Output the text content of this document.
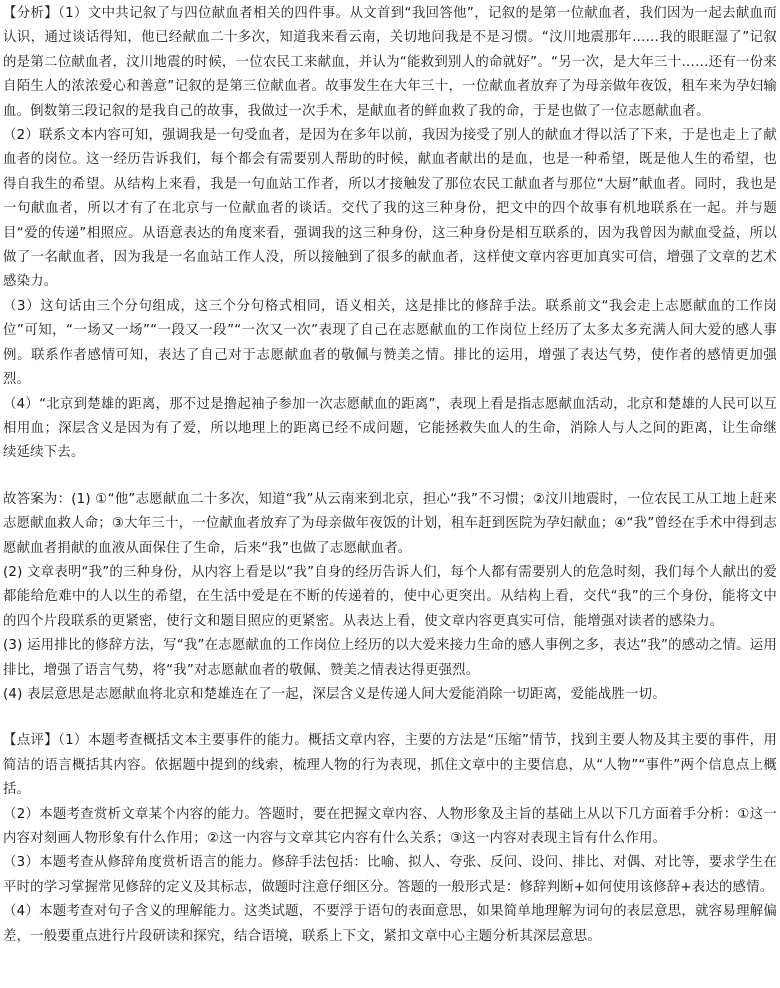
【分析】（1）文中共记叙了与四位献血者相关的四件事。从文首到“我回答他”，记叙的是第一位献血者，我们因为一起去献血而认识，通过谈话得知，他已经献血二十多次，知道我来看云南，关切地问我是不是习惯。“汶川地震那年……我的眼眶湿了”记叙的是第二位献血者，汶川地震的时候，一位农民工来献血，并认为“能救到别人的命就好”。“另一次，是大年三十……还有一份来自陌生人的浓浓爱心和善意”记叙的是第三位献血者。故事发生在大年三十，一位献血者放弃了为母亲做年夜饭，租车来为孕妇输血。倒数第三段记叙的是我自己的故事，我做过一次手术，是献血者的鲜血救了我的命，于是也做了一位志愿献血者。

（2）联系文本内容可知，强调我是一句受血者，是因为在多年以前，我因为接受了别人的献血才得以活了下来，于是也走上了献血者的岗位。这一经历告诉我们，每个都会有需要别人帮助的时候，献血者献出的是血，也是一种希望，既是他人生的希望，也得自我生的希望。从结构上来看，我是一句血站工作者，所以才接触发了那位农民工献血者与那位“大厨”献血者。同时，我也是一句献血者，所以才有了在北京与一位献血者的谈话。交代了我的这三种身份，把文中的四个故事有机地联系在一起。并与题目“爱的传递”相照应。从语意表达的角度来看，强调我的这三种身份，这三种身份是相互联系的，因为我曾因为献血受益，所以做了一名献血者，因为我是一名血站工作人没，所以接触到了很多的献血者，这样使文章内容更加真实可信，增强了文章的艺术感染力。

（3）这句话由三个分句组成，这三个分句格式相同，语义相关，这是排比的修辞手法。联系前文“我会走上志愿献血的工作岗位”可知，“一场又一场”“一段又一段”“一次又一次”表现了自己在志愿献血的工作岗位上经历了太多太多充满人间大爱的感人事例。联系作者感情可知，表达了自己对于志愿献血者的敬佩与赞美之情。排比的运用，增强了表达气势，使作者的感情更加强烈。

（4）“北京到楚雄的距离，那不过是撸起袖子参加一次志愿献血的距离”，表现上看是指志愿献血活动，北京和楚雄的人民可以互相用血；深层含义是因为有了爱，所以地理上的距离已经不成问题，它能拯救失血人的生命，消除人与人之间的距离，让生命继续延续下去。

故答案为：(1) ①“他”志愿献血二十多次，知道“我”从云南来到北京，担心“我”不习惯；②汶川地震时，一位农民工从工地上赶来志愿献血救人命；③大年三十，一位献血者放弃了为母亲做年夜饭的计划，租车赶到医院为孕妇献血；④“我”曾经在手术中得到志愿献血者捐献的血液从面保住了生命，后来“我”也做了志愿献血者。

(2) 文章表明“我”的三种身份，从内容上看是以“我”自身的经历告诉人们，每个人都有需要别人的危急时刻，我们每个人献出的爱都能给危难中的人以生的希望，在生活中爱是在不断的传递着的，使中心更突出。从结构上看，交代“我”的三个身份，能将文中的四个片段联系的更紧密，使行文和题目照应的更紧密。从表达上看，使文章内容更真实可信，能增强对读者的感染力。

(3) 运用排比的修辞方法，写“我”在志愿献血的工作岗位上经历的以大爱来接力生命的感人事例之多，表达“我”的感动之情。运用排比，增强了语言气势，将“我”对志愿献血者的敬佩、赞美之情表达得更强烈。

(4) 表层意思是志愿献血将北京和楚雄连在了一起，深层含义是传递人间大爱能消除一切距离，爱能战胜一切。

【点评】（1）本题考查概括文本主要事件的能力。概括文章内容，主要的方法是“压缩”情节，找到主要人物及其主要的事件，用简洁的语言概括其内容。依据题中提到的线索，梳理人物的行为表现，抓住文章中的主要信息，从“人物”“事件”两个信息点上概括。

（2）本题考查赏析文章某个内容的能力。答题时，要在把握文章内容、人物形象及主旨的基础上从以下几方面着手分析：①这一内容对刻画人物形象有什么作用；②这一内容与文章其它内容有什么关系；③这一内容对表现主旨有什么作用。

（3）本题考查从修辞角度赏析语言的能力。修辞手法包括：比喻、拟人、夸张、反问、设问、排比、对偶、对比等，要求学生在平时的学习掌握常见修辞的定义及其标志，做题时注意仔细区分。答题的一般形式是：修辞判断+如何使用该修辞+表达的感情。

（4）本题考查对句子含义的理解能力。这类试题，不要浮于语句的表面意思，如果简单地理解为词句的表层意思，就容易理解偏差，一般要重点进行片段研读和探究，结合语境，联系上下文，紧扣文章中心主题分析其深层意思。
